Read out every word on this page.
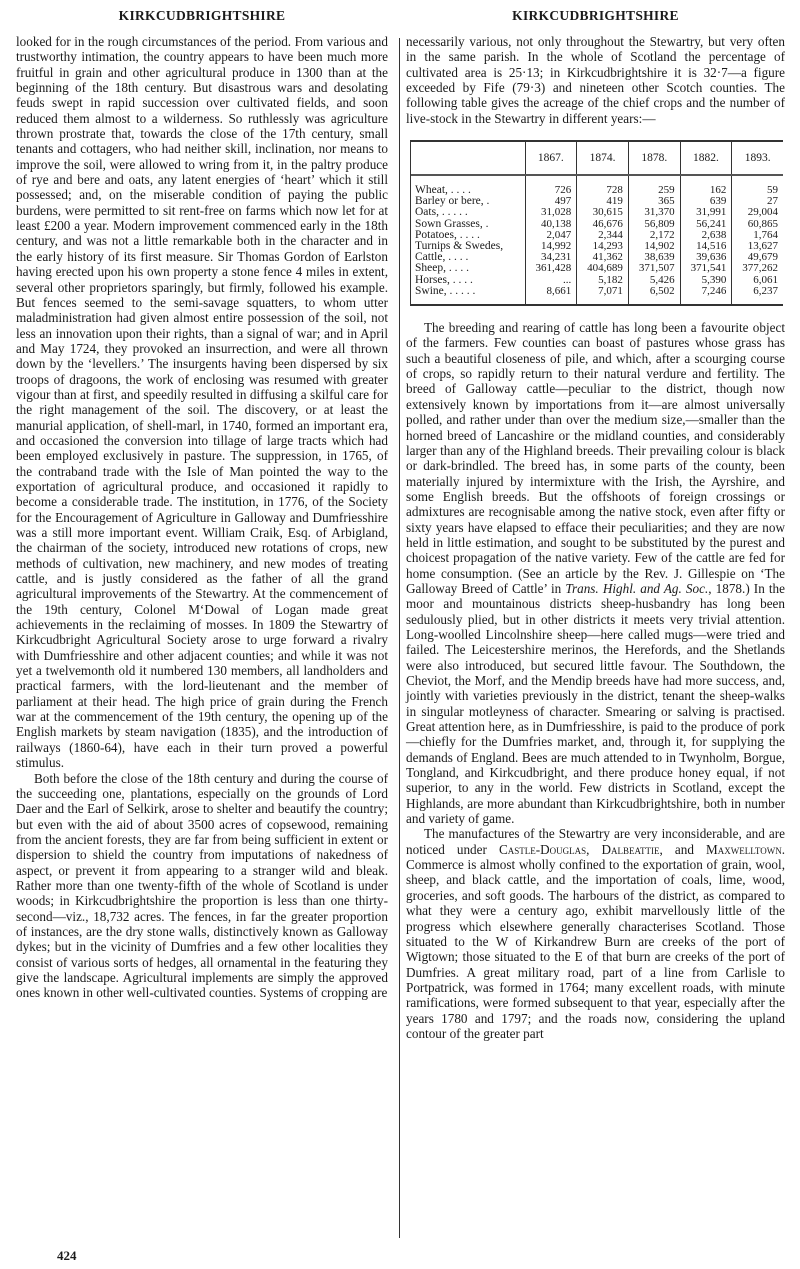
KIRKCUDBRIGHTSHIRE

looked for in the rough circumstances of the period. From various and trustworthy intimation, the country appears to have been much more fruitful in grain and other agricultural produce in 1300 than at the beginning of the 18th century. But disastrous wars and desolating feuds swept in rapid succession over cultivated fields, and soon reduced them almost to a wilderness. So ruthlessly was agriculture thrown prostrate that, towards the close of the 17th century, small tenants and cottagers, who had neither skill, inclination, nor means to improve the soil, were allowed to wring from it, in the paltry produce of rye and bere and oats, any latent energies of ‘heart’ which it still possessed; and, on the miserable condition of paying the public burdens, were permitted to sit rent-free on farms which now let for at least £200 a year. Modern improvement commenced early in the 18th century, and was not a little remarkable both in the character and in the early history of its first measure. Sir Thomas Gordon of Earlston having erected upon his own property a stone fence 4 miles in extent, several other proprietors sparingly, but firmly, followed his example. But fences seemed to the semi-savage squatters, to whom utter maladministration had given almost entire possession of the soil, not less an innovation upon their rights, than a signal of war; and in April and May 1724, they provoked an insurrection, and were all thrown down by the ‘levellers.’ The insurgents having been dispersed by six troops of dragoons, the work of enclosing was resumed with greater vigour than at first, and speedily resulted in diffusing a skilful care for the right management of the soil. The discovery, or at least the manurial application, of shell-marl, in 1740, formed an important era, and occasioned the conversion into tillage of large tracts which had been employed exclusively in pasture. The suppression, in 1765, of the contraband trade with the Isle of Man pointed the way to the exportation of agricultural produce, and occasioned it rapidly to become a considerable trade. The institution, in 1776, of the Society for the Encouragement of Agriculture in Galloway and Dumfriesshire was a still more important event. William Craik, Esq. of Arbigland, the chairman of the society, introduced new rotations of crops, new methods of cultivation, new machinery, and new modes of treating cattle, and is justly considered as the father of all the grand agricultural improvements of the Stewartry. At the commencement of the 19th century, Colonel M‘Dowal of Logan made great achievements in the reclaiming of mosses. In 1809 the Stewartry of Kirkcudbright Agricultural Society arose to urge forward a rivalry with Dumfriesshire and other adjacent counties; and while it was not yet a twelvemonth old it numbered 130 members, all landholders and practical farmers, with the lord-lieutenant and the member of parliament at their head. The high price of grain during the French war at the commencement of the 19th century, the opening up of the English markets by steam navigation (1835), and the introduction of railways (1860-64), have each in their turn proved a powerful stimulus.

Both before the close of the 18th century and during the course of the succeeding one, plantations, especially on the grounds of Lord Daer and the Earl of Selkirk, arose to shelter and beautify the country; but even with the aid of about 3500 acres of copsewood, remaining from the ancient forests, they are far from being sufficient in extent or dispersion to shield the country from imputations of nakedness of aspect, or prevent it from appearing to a stranger wild and bleak. Rather more than one twenty-fifth of the whole of Scotland is under woods; in Kirkcudbrightshire the proportion is less than one thirty-second—viz., 18,732 acres. The fences, in far the greater proportion of instances, are the dry stone walls, distinctively known as Galloway dykes; but in the vicinity of Dumfries and a few other localities they consist of various sorts of hedges, all ornamental in the featuring they give the landscape. Agricultural implements are simply the approved ones known in other well-cultivated counties. Systems of cropping are

KIRKCUDBRIGHTSHIRE

necessarily various, not only throughout the Stewartry, but very often in the same parish. In the whole of Scotland the percentage of cultivated area is 25·13; in Kirkcudbrightshire it is 32·7—a figure exceeded by Fife (79·3) and nineteen other Scotch counties. The following table gives the acreage of the chief crops and the number of live-stock in the Stewartry in different years:—

	1867.	1874.	1878.	1882.	1893.
Wheat, . . . .	726	728	259	162	59
Barley or bere, .	497	419	365	639	27
Oats, . . . . .	31,028	30,615	31,370	31,991	29,004
Sown Grasses, .	40,138	46,676	56,809	56,241	60,865
Potatoes, . . . .	2,047	2,344	2,172	2,638	1,764
Turnips & Swedes,	14,992	14,293	14,902	14,516	13,627
Cattle, . . . .	34,231	41,362	38,639	39,636	49,679
Sheep, . . . .	361,428	404,689	371,507	371,541	377,262
Horses, . . . .	...	5,182	5,426	5,390	6,061
Swine, . . . . .	8,661	7,071	6,502	7,246	6,237

The breeding and rearing of cattle has long been a favourite object of the farmers. Few counties can boast of pastures whose grass has such a beautiful closeness of pile, and which, after a scourging course of crops, so rapidly return to their natural verdure and fertility. The breed of Galloway cattle—peculiar to the district, though now extensively known by importations from it—are almost universally polled, and rather under than over the medium size,—smaller than the horned breed of Lancashire or the midland counties, and considerably larger than any of the Highland breeds. Their prevailing colour is black or dark-brindled. The breed has, in some parts of the county, been materially injured by intermixture with the Irish, the Ayrshire, and some English breeds. But the offshoots of foreign crossings or admixtures are recognisable among the native stock, even after fifty or sixty years have elapsed to efface their peculiarities; and they are now held in little estimation, and sought to be substituted by the purest and choicest propagation of the native variety. Few of the cattle are fed for home consumption. (See an article by the Rev. J. Gillespie on ‘The Galloway Breed of Cattle’ in Trans. Highl. and Ag. Soc., 1878.) In the moor and mountainous districts sheep-husbandry has long been sedulously plied, but in other districts it meets very trivial attention. Long-woolled Lincolnshire sheep—here called mugs—were tried and failed. The Leicestershire merinos, the Herefords, and the Shetlands were also introduced, but secured little favour. The Southdown, the Cheviot, the Morf, and the Mendip breeds have had more success, and, jointly with varieties previously in the district, tenant the sheep-walks in singular motleyness of character. Smearing or salving is practised. Great attention here, as in Dumfriesshire, is paid to the produce of pork—chiefly for the Dumfries market, and, through it, for supplying the demands of England. Bees are much attended to in Twynholm, Borgue, Tongland, and Kirkcudbright, and there produce honey equal, if not superior, to any in the world. Few districts in Scotland, except the Highlands, are more abundant than Kirkcudbrightshire, both in number and variety of game.

The manufactures of the Stewartry are very inconsiderable, and are noticed under Castle-Douglas, Dalbeattie, and Maxwelltown. Commerce is almost wholly confined to the exportation of grain, wool, sheep, and black cattle, and the importation of coals, lime, wood, groceries, and soft goods. The harbours of the district, as compared to what they were a century ago, exhibit marvellously little of the progress which elsewhere generally characterises Scotland. Those situated to the W of Kirkandrew Burn are creeks of the port of Wigtown; those situated to the E of that burn are creeks of the port of Dumfries. A great military road, part of a line from Carlisle to Portpatrick, was formed in 1764; many excellent roads, with minute ramifications, were formed subsequent to that year, especially after the years 1780 and 1797; and the roads now, considering the upland contour of the greater part

424
